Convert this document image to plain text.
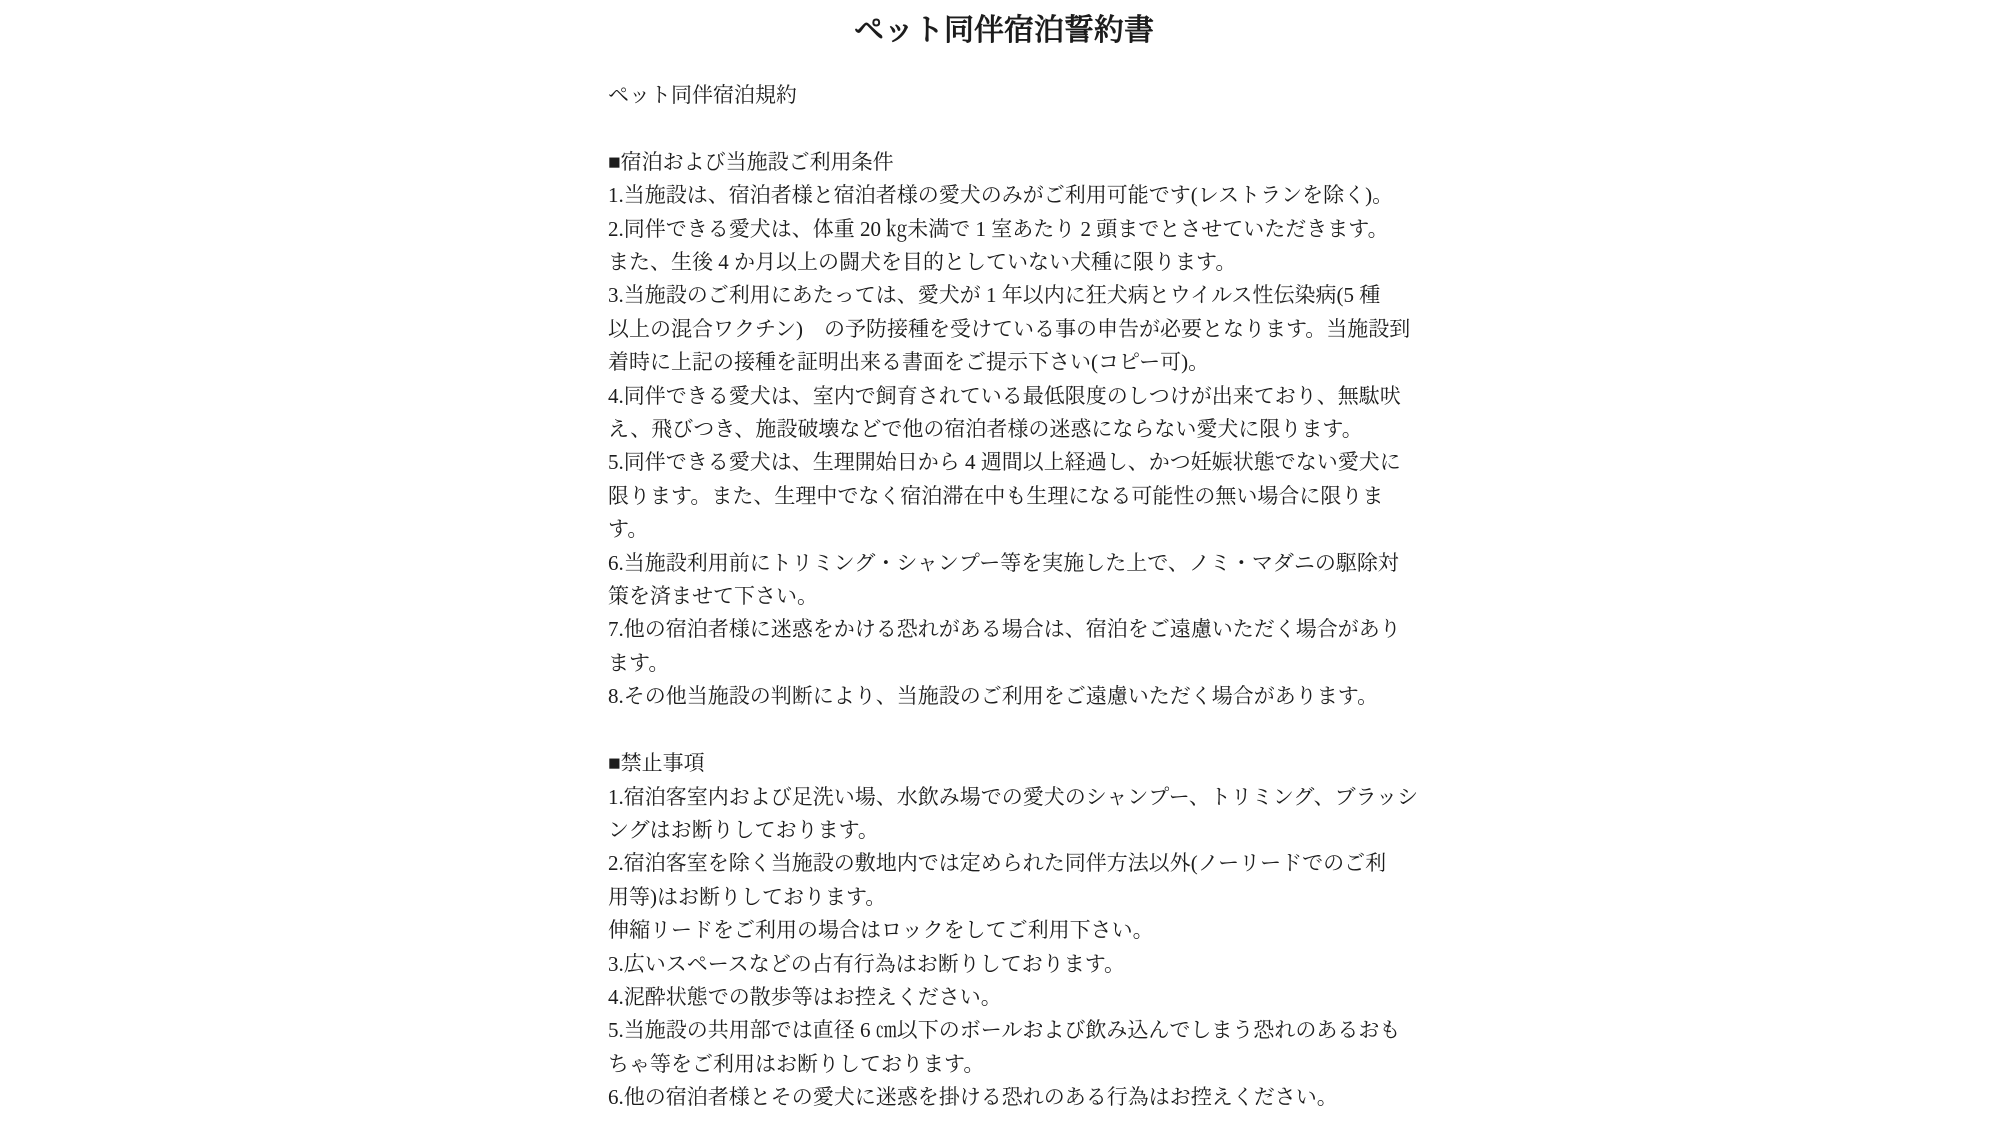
ペット同伴宿泊誓約書

ペット同伴宿泊規約

■宿泊および当施設ご利用条件
1.当施設は、宿泊者様と宿泊者様の愛犬のみがご利用可能です(レストランを除く)。
2.同伴できる愛犬は、体重 20 ㎏未満で 1 室あたり 2 頭までとさせていただきます。
また、生後 4 か月以上の闘犬を目的としていない犬種に限ります。
3.当施設のご利用にあたっては、愛犬が 1 年以内に狂犬病とウイルス性伝染病(5 種
以上の混合ワクチン)　の予防接種を受けている事の申告が必要となります。当施設到
着時に上記の接種を証明出来る書面をご提示下さい(コピー可)。
4.同伴できる愛犬は、室内で飼育されている最低限度のしつけが出来ており、無駄吠
え、飛びつき、施設破壊などで他の宿泊者様の迷惑にならない愛犬に限ります。
5.同伴できる愛犬は、生理開始日から 4 週間以上経過し、かつ妊娠状態でない愛犬に
限ります。また、生理中でなく宿泊滞在中も生理になる可能性の無い場合に限りま
す。
6.当施設利用前にトリミング・シャンプー等を実施した上で、ノミ・マダニの駆除対
策を済ませて下さい。
7.他の宿泊者様に迷惑をかける恐れがある場合は、宿泊をご遠慮いただく場合があり
ます。
8.その他当施設の判断により、当施設のご利用をご遠慮いただく場合があります。
■禁止事項
1.宿泊客室内および足洗い場、水飲み場での愛犬のシャンプー、トリミング、ブラッシ
ングはお断りしております。
2.宿泊客室を除く当施設の敷地内では定められた同伴方法以外(ノーリードでのご利
用等)はお断りしております。
伸縮リードをご利用の場合はロックをしてご利用下さい。
3.広いスペースなどの占有行為はお断りしております。
4.泥酔状態での散歩等はお控えください。
5.当施設の共用部では直径 6 ㎝以下のボールおよび飲み込んでしまう恐れのあるおも
ちゃ等をご利用はお断りしております。
6.他の宿泊者様とその愛犬に迷惑を掛ける恐れのある行為はお控えください。
